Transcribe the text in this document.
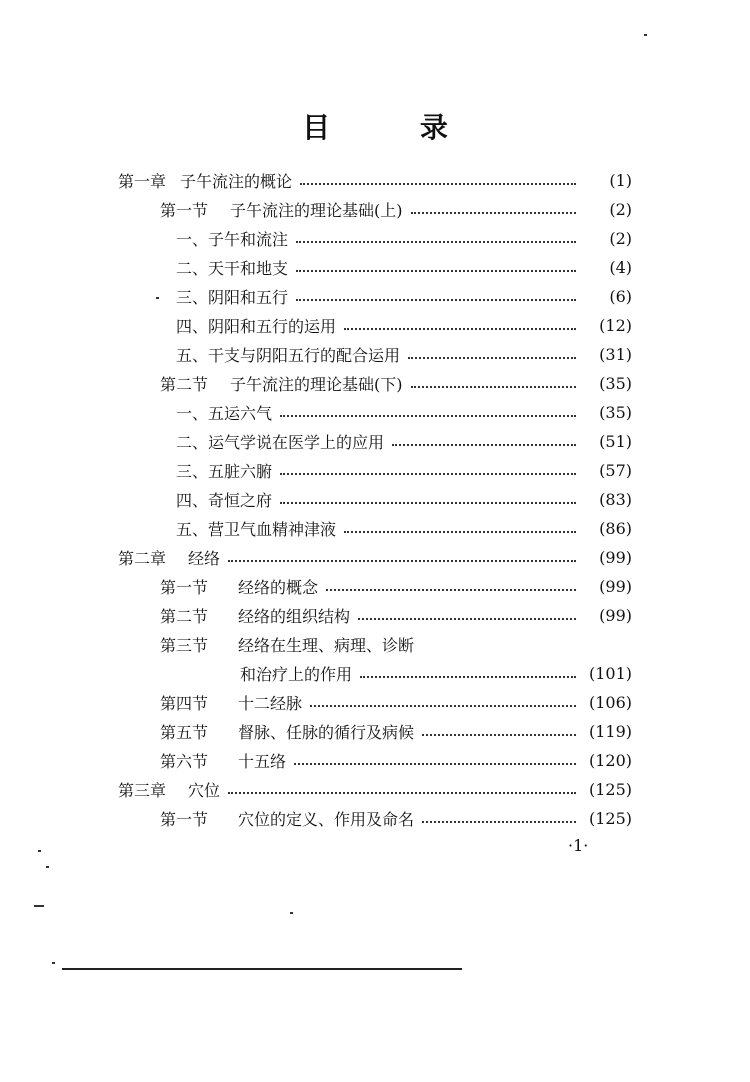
目 录
第一章 子午流注的概论	(1)
第一节 子午流注的理论基础(上)	(2)
一、子午和流注	(2)
二、天干和地支	(4)
三、阴阳和五行	(6)
四、阴阳和五行的运用	(12)
五、干支与阴阳五行的配合运用	(31)
第二节 子午流注的理论基础(下)	(35)
一、五运六气	(35)
二、运气学说在医学上的应用	(51)
三、五脏六腑	(57)
四、奇恒之府	(83)
五、营卫气血精神津液	(86)
第二章 经络	(99)
第一节 经络的概念	(99)
第二节 经络的组织结构	(99)
第三节 经络在生理、病理、诊断
和治疗上的作用	(101)
第四节 十二经脉	(106)
第五节 督脉、任脉的循行及病候	(119)
第六节 十五络	(120)
第三章 穴位	(125)
第一节 穴位的定义、作用及命名	(125)
·1·
